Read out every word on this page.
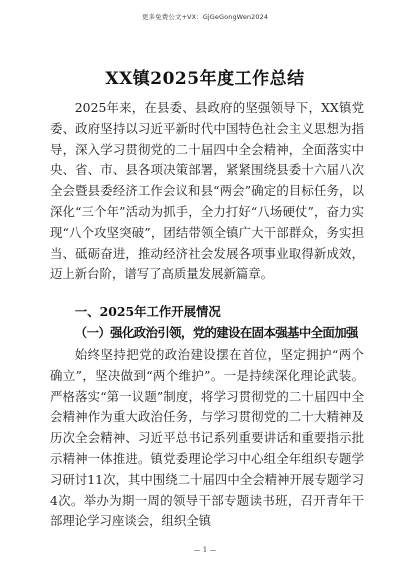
更多免费公文+VX：GjGeGongWen2024
XX镇2025年度工作总结

2025年来，在县委、县政府的坚强领导下，XX镇党委、政府坚持以习近平新时代中国特色社会主义思想为指导，深入学习贯彻党的二十届四中全会精神，全面落实中央、省、市、县各项决策部署，紧紧围绕县委十六届八次全会暨县委经济工作会议和县“两会”确定的目标任务，以深化“三个年”活动为抓手，全力打好“八场硬仗”，奋力实现“八个攻坚突破”，团结带领全镇广大干部群众，务实担当、砥砺奋进，推动经济社会发展各项事业取得新成效，迈上新台阶，谱写了高质量发展新篇章。

一、2025年工作开展情况

（一）强化政治引领，党的建设在固本强基中全面加强

始终坚持把党的政治建设摆在首位，坚定拥护“两个确立”，坚决做到“两个维护”。一是持续深化理论武装。严格落实“第一议题”制度，将学习贯彻党的二十届四中全会精神作为重大政治任务，与学习贯彻党的二十大精神及历次全会精神、习近平总书记系列重要讲话和重要指示批示精神一体推进。镇党委理论学习中心组全年组织专题学习研讨11次，其中围绕二十届四中全会精神开展专题学习4次。举办为期一周的领导干部专题读书班，召开青年干部理论学习座谈会，组织全镇

— 1 —
